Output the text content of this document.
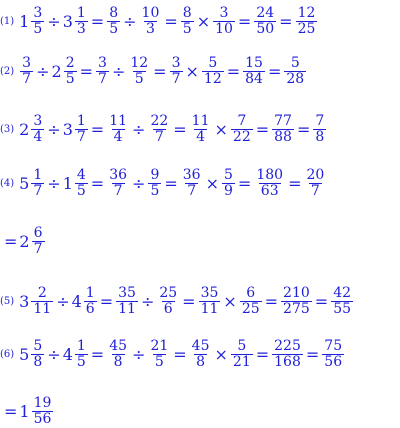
(1) $1 \frac{3}{5} \div 3 \frac{1}{3} = \frac{8}{5} \div \frac{10}{3} = \frac{8}{5} \times \frac{3}{10} = \frac{24}{50} = \frac{12}{25}$
$(2) \frac{3}{7} \div 2 \frac{2}{5} = \frac{3}{7} \div \frac{12}{5} = \frac{3}{7} \times \frac{5}{12} = \frac{15}{84} = \frac{5}{28}$
(3) $2 \frac{3}{4} \div 3 \frac{1}{7} = \frac{11}{4} \div \frac{22}{7} = \frac{11}{4} \times \frac{7}{22} = \frac{77}{88} = \frac{7}{8}$
(4) $5 \frac{1}{7} \div 1 \frac{4}{5} = \frac{36}{7} \div \frac{9}{5} = \frac{36}{7} \times \frac{5}{9} = \frac{180}{63} = \frac{20}{7}$
= $2 \frac{6}{7}$
(5) $3 \frac{2}{11} \div 4 \frac{1}{6} = \frac{35}{11} \div \frac{25}{6} = \frac{35}{11} \times \frac{6}{25} = \frac{210}{275} = \frac{42}{55}$
(6) $5 \frac{5}{8} \div 4 \frac{1}{5} = \frac{45}{8} \div \frac{21}{5} = \frac{45}{8} \times \frac{5}{21} = \frac{225}{168} = \frac{75}{56}$
= $1 \frac{19}{56}$
